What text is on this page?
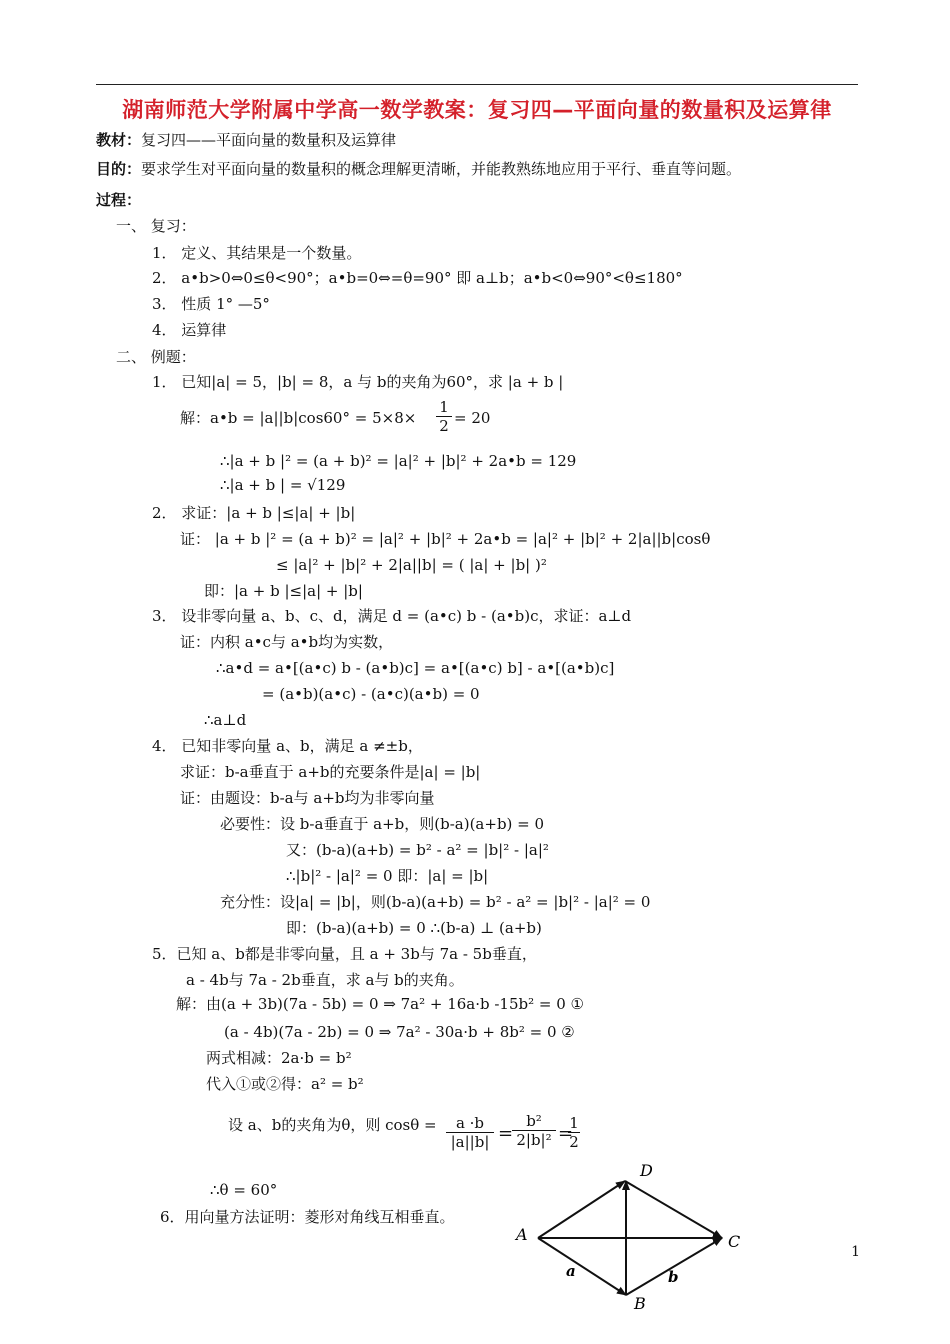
湖南师范大学附属中学高一数学教案：复习四—平面向量的数量积及运算律
教材：复习四——平面向量的数量积及运算律
目的：要求学生对平面向量的数量积的概念理解更清晰，并能教熟练地应用于平行、垂直等问题。
过程：
一、 复习：
1． 定义、其结果是一个数量。
2． a•b>0⇔0≤θ<90°；a•b=0⇔=θ=90° 即 a⊥b；a•b<0⇔90°<θ≤180°
3． 性质 1° —5°
4． 运算律
二、 例题：
1． 已知|a| = 5，|b| = 8，a 与 b的夹角为60°，求 |a + b |
解：a•b = $|a||b|\cos 60^\circ = 5\times 8\times \frac{1}{2} = 20$
∴|a + b |² = (a + b)² = |a|² + |b|² + 2a•b = 129
∴|a + b | = √129
2． 求证：|a + b |≤|a| + |b|
证： |a + b |² = (a + b)² = |a|² + |b|² + 2a•b = |a|² + |b|² + 2|a||b|cosθ
≤ |a|² + |b|² + 2|a||b| = ( |a| + |b| )²
即：|a + b |≤|a| + |b|
3． 设非零向量 a、b、c、d，满足 d = (a•c) b - (a•b)c，求证：a⊥d
证：内积 a•c与 a•b均为实数，
∴a•d = a•[(a•c) b - (a•b)c] = a•[(a•c) b] - a•[(a•b)c]
= (a•b)(a•c) - (a•c)(a•b) = 0
∴a⊥d
4． 已知非零向量 a、b，满足 a ≠±b，
求证：b-a垂直于 a+b的充要条件是|a| = |b|
证：由题设：b-a与 a+b均为非零向量
必要性：设 b-a垂直于 a+b，则(b-a)(a+b) = 0
又：(b-a)(a+b) = b² - a² = |b|² - |a|²
∴|b|² - |a|² = 0 即：|a| = |b|
充分性：设|a| = |b|，则(b-a)(a+b) = b² - a² = |b|² - |a|² = 0
即：(b-a)(a+b) = 0 ∴(b-a) ⊥ (a+b)
5．已知 a、b都是非零向量，且 a + 3b与 7a - 5b垂直，
a - 4b与 7a - 2b垂直，求 a与 b的夹角。
解：由(a + 3b)(7a - 5b) = 0 ⇒ 7a² + 16a·b -15b² = 0 ①
(a - 4b)(7a - 2b) = 0 ⇒ 7a² - 30a·b + 8b² = 0 ②
两式相减：2a·b = b²
代入①或②得：a² = b²
设 a、b的夹角为θ，则 $\cos\theta = \frac{a \cdot b}{|a||b|}$ =
$\frac{\text{b²}}{\text{2|b|²}}$ =
$\frac{1}{2}$
∴θ = 60°
6．用向量方法证明：菱形对角线互相垂直。
A
B
C
D
a	b
1
